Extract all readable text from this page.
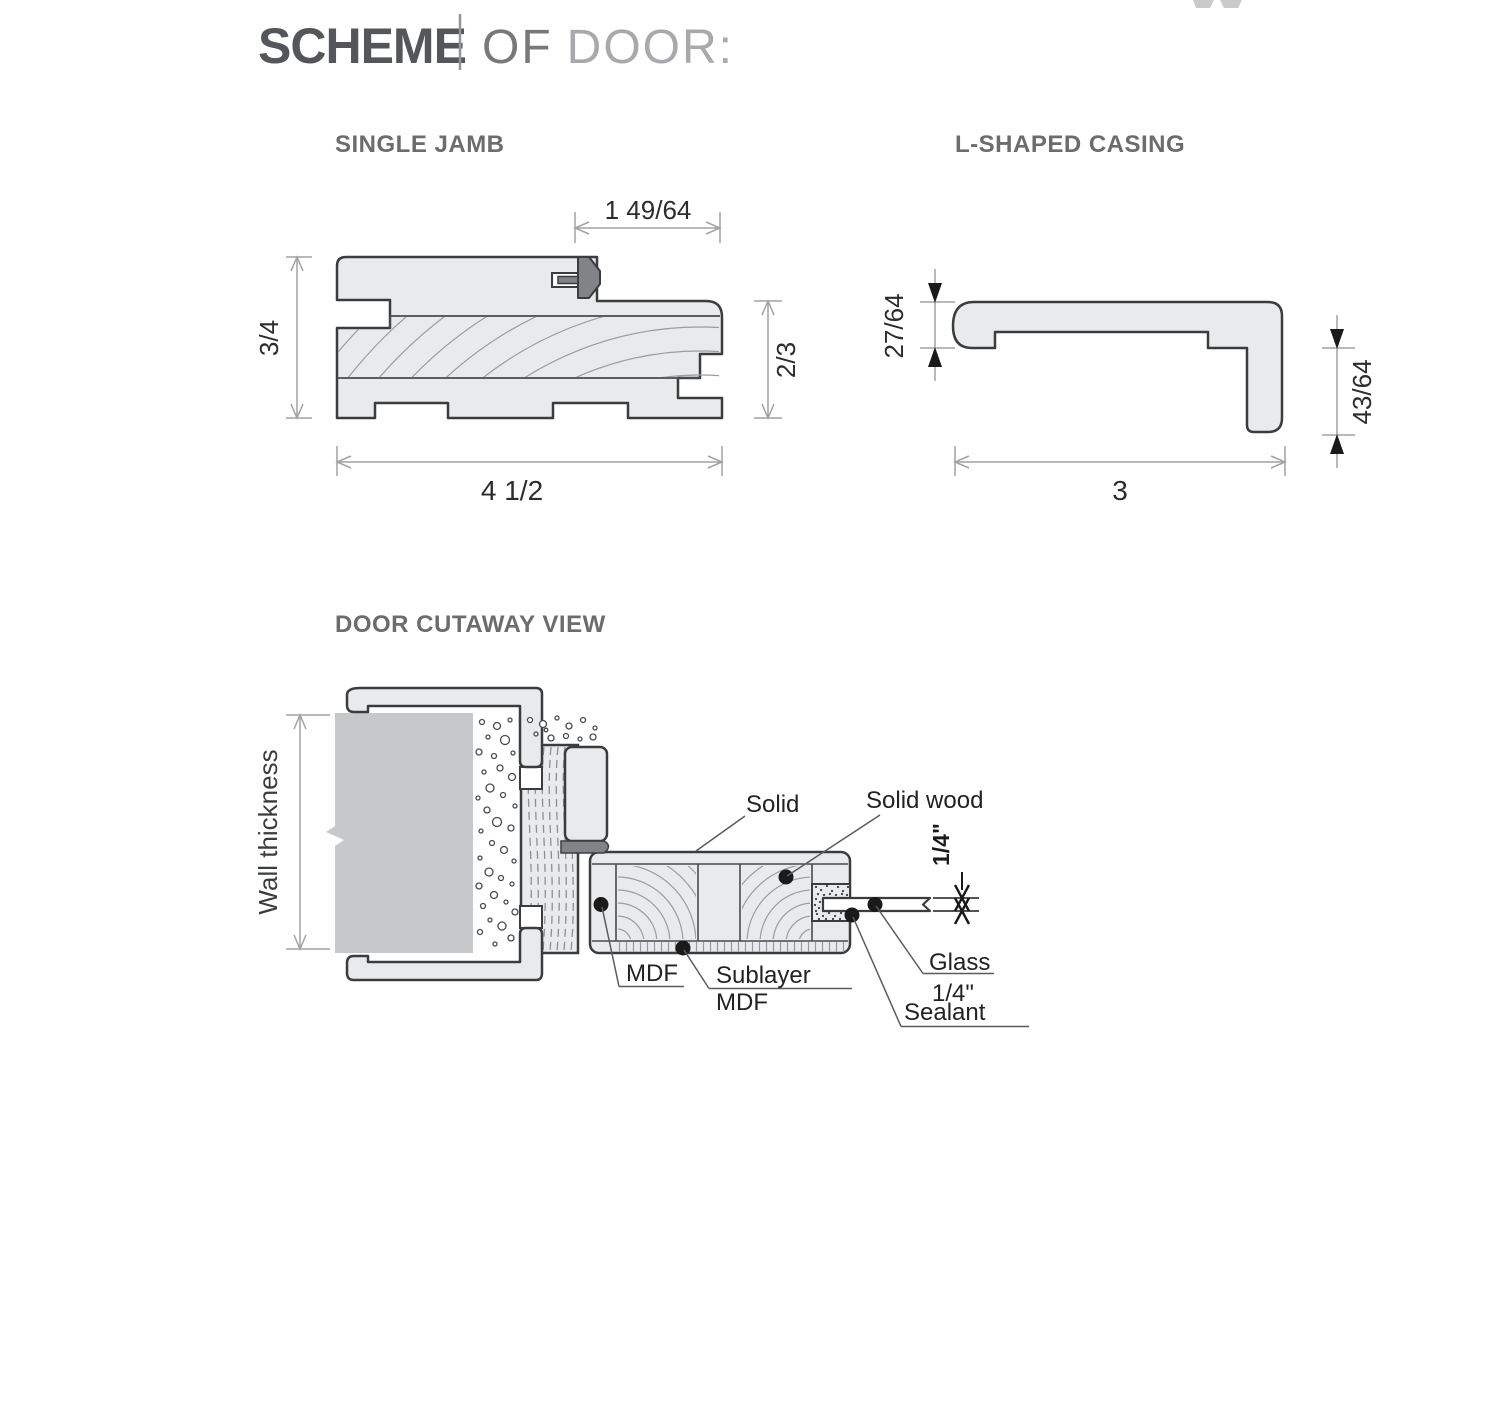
SCHEME OF DOOR:
SINGLE JAMB
1 49/64
3/4
2/3
4 1/2
L-SHAPED CASING
27/64
43/64
3
DOOR CUTAWAY VIEW
Wall thickness	1/4"
Solid	Solid wood
MDF Sublayer
MDF
Glass
1/4"
Sealant
